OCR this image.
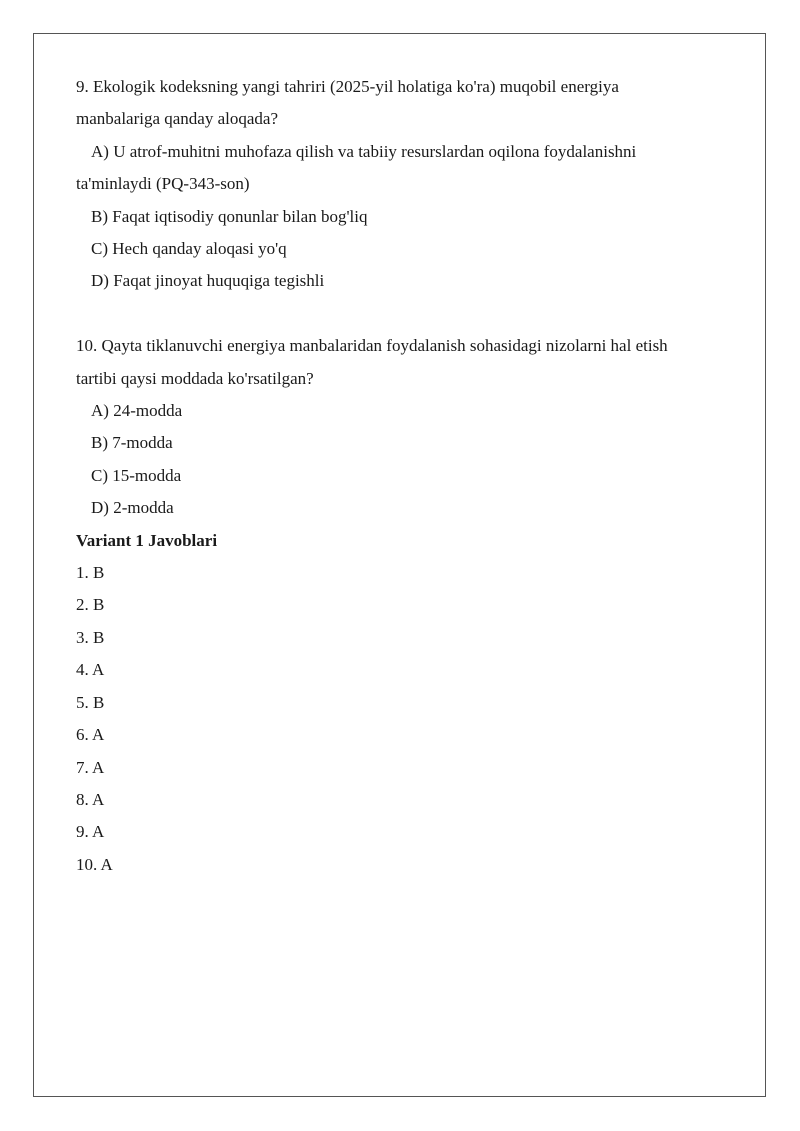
9. Ekologik kodeksning yangi tahriri (2025-yil holatiga ko'ra) muqobil energiya
manbalariga qanday aloqada?
A) U atrof-muhitni muhofaza qilish va tabiiy resurslardan oqilona foydalanishni
ta'minlaydi (PQ-343-son)
B) Faqat iqtisodiy qonunlar bilan bog'liq
C) Hech qanday aloqasi yo'q
D) Faqat jinoyat huquqiga tegishli
10. Qayta tiklanuvchi energiya manbalaridan foydalanish sohasidagi nizolarni hal etish
tartibi qaysi moddada ko'rsatilgan?
A) 24-modda
B) 7-modda
C) 15-modda
D) 2-modda
Variant 1 Javoblari
1. B
2. B
3. B
4. A
5. B
6. A
7. A
8. A
9. A
10. A
